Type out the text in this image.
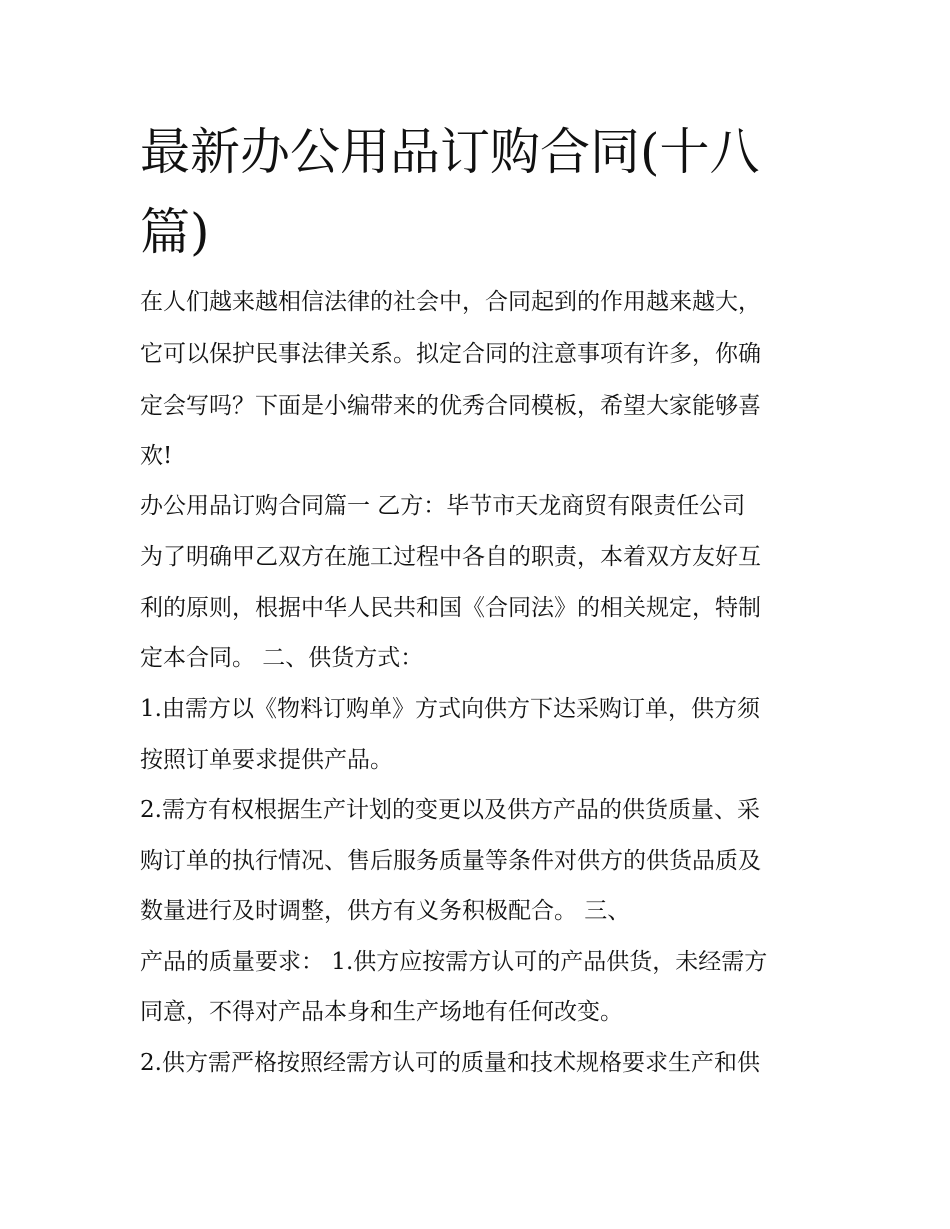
最新办公用品订购合同(十八
篇)
在人们越来越相信法律的社会中，合同起到的作用越来越大，
它可以保护民事法律关系。拟定合同的注意事项有许多，你确
定会写吗？下面是小编带来的优秀合同模板，希望大家能够喜
欢!
办公用品订购合同篇一 乙方：毕节市天龙商贸有限责任公司
为了明确甲乙双方在施工过程中各自的职责，本着双方友好互
利的原则，根据中华人民共和国《合同法》的相关规定，特制
定本合同。 二、供货方式：
1.由需方以《物料订购单》方式向供方下达采购订单，供方须
按照订单要求提供产品。
2.需方有权根据生产计划的变更以及供方产品的供货质量、采
购订单的执行情况、售后服务质量等条件对供方的供货品质及
数量进行及时调整，供方有义务积极配合。 三、
产品的质量要求： 1.供方应按需方认可的产品供货，未经需方
同意，不得对产品本身和生产场地有任何改变。
2.供方需严格按照经需方认可的质量和技术规格要求生产和供
